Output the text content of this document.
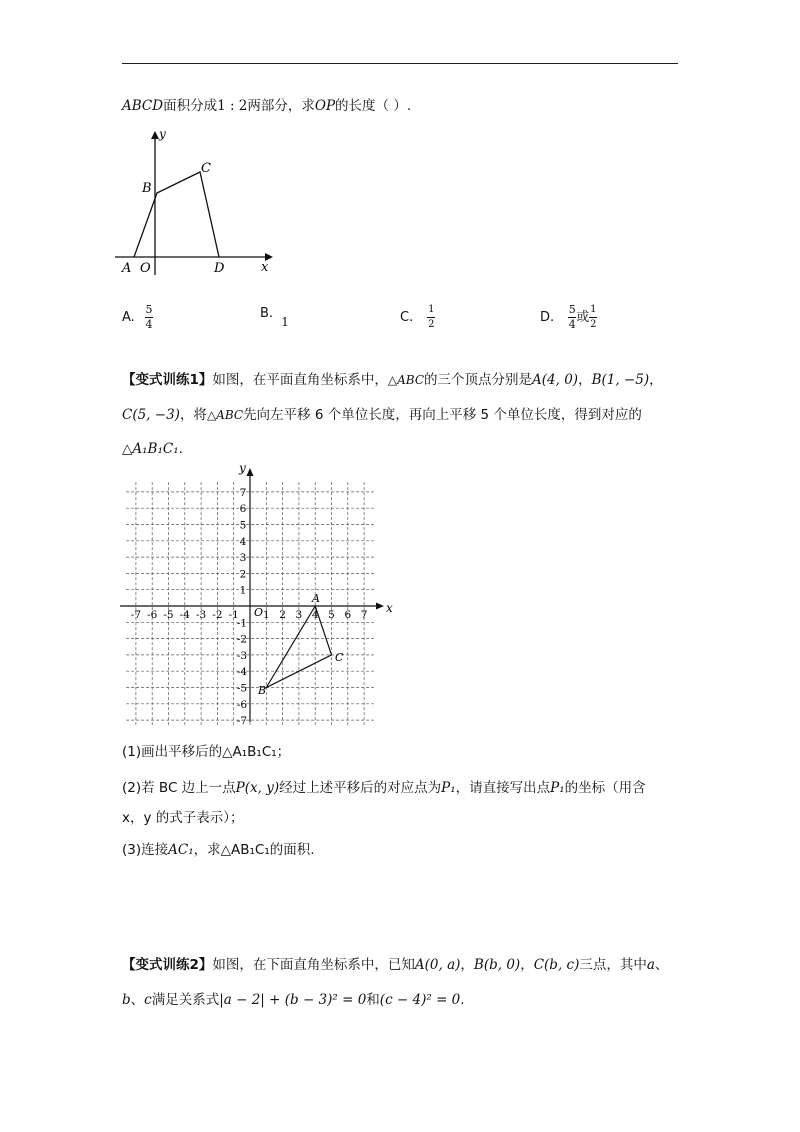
ABCD面积分成1 : 2两部分，求OP的长度（ ）.
y
x
A O
B
C
D
A. $\frac{5}{4}$	B. 1	C. $\frac{1}{2}$	D. $\frac{5}{4}$ 或 $\frac{1}{2}$
【变式训练1】如图，在平面直角坐标系中，△ABC的三个顶点分别是A(4, 0)，B(1, −5)，
C(5, −3)，将△ABC先向左平移 6 个单位长度，再向上平移 5 个单位长度，得到对应的
△A₁B₁C₁.
-7 -6 -5 -4 -3 -2 -1 1 2 3 4 5 6 7
7
6
5
4
3
2
1
-1
-2
-3
-4
-5
-6
-7
x
y
O
A
B
C
(1)画出平移后的△A₁B₁C₁；
(2)若 BC 边上一点P(x, y)经过上述平移后的对应点为P₁，请直接写出点P₁的坐标（用含
x，y 的式子表示）；
(3)连接AC₁，求△AB₁C₁的面积.
【变式训练2】如图，在下面直角坐标系中，已知A(0, a)，B(b, 0)，C(b, c)三点，其中a、
b、c满足关系式|a − 2| + (b − 3)² = 0和(c − 4)² = 0.
